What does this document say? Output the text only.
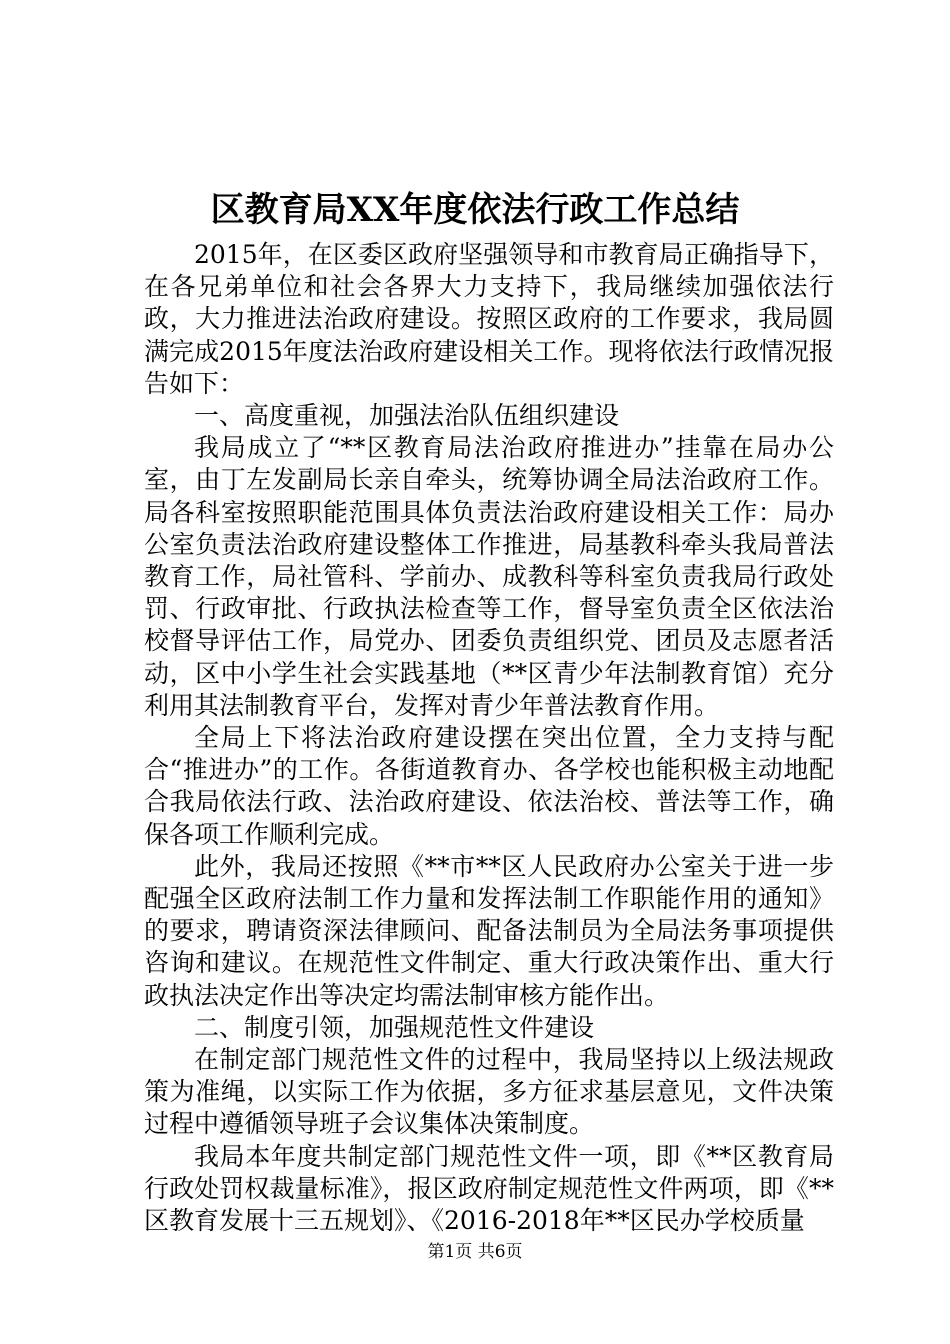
区教育局XX年度依法行政工作总结

2015年，在区委区政府坚强领导和市教育局正确指导下，在各兄弟单位和社会各界大力支持下，我局继续加强依法行政，大力推进法治政府建设。按照区政府的工作要求，我局圆满完成2015年度法治政府建设相关工作。现将依法行政情况报告如下：

一、高度重视，加强法治队伍组织建设

我局成立了“**区教育局法治政府推进办”挂靠在局办公室，由丁左发副局长亲自牵头，统筹协调全局法治政府工作。局各科室按照职能范围具体负责法治政府建设相关工作：局办公室负责法治政府建设整体工作推进，局基教科牵头我局普法教育工作，局社管科、学前办、成教科等科室负责我局行政处罚、行政审批、行政执法检查等工作，督导室负责全区依法治校督导评估工作，局党办、团委负责组织党、团员及志愿者活动，区中小学生社会实践基地（**区青少年法制教育馆）充分利用其法制教育平台，发挥对青少年普法教育作用。

全局上下将法治政府建设摆在突出位置，全力支持与配合“推进办”的工作。各街道教育办、各学校也能积极主动地配合我局依法行政、法治政府建设、依法治校、普法等工作，确保各项工作顺利完成。

此外，我局还按照《**市**区人民政府办公室关于进一步配强全区政府法制工作力量和发挥法制工作职能作用的通知》的要求，聘请资深法律顾问、配备法制员为全局法务事项提供咨询和建议。在规范性文件制定、重大行政决策作出、重大行政执法决定作出等决定均需法制审核方能作出。

二、制度引领，加强规范性文件建设

在制定部门规范性文件的过程中，我局坚持以上级法规政策为准绳，以实际工作为依据，多方征求基层意见，文件决策过程中遵循领导班子会议集体决策制度。

我局本年度共制定部门规范性文件一项，即《**区教育局行政处罚权裁量标准》，报区政府制定规范性文件两项，即《**区教育发展十三五规划》、《2016-2018年**区民办学校质量

第1页 共6页
